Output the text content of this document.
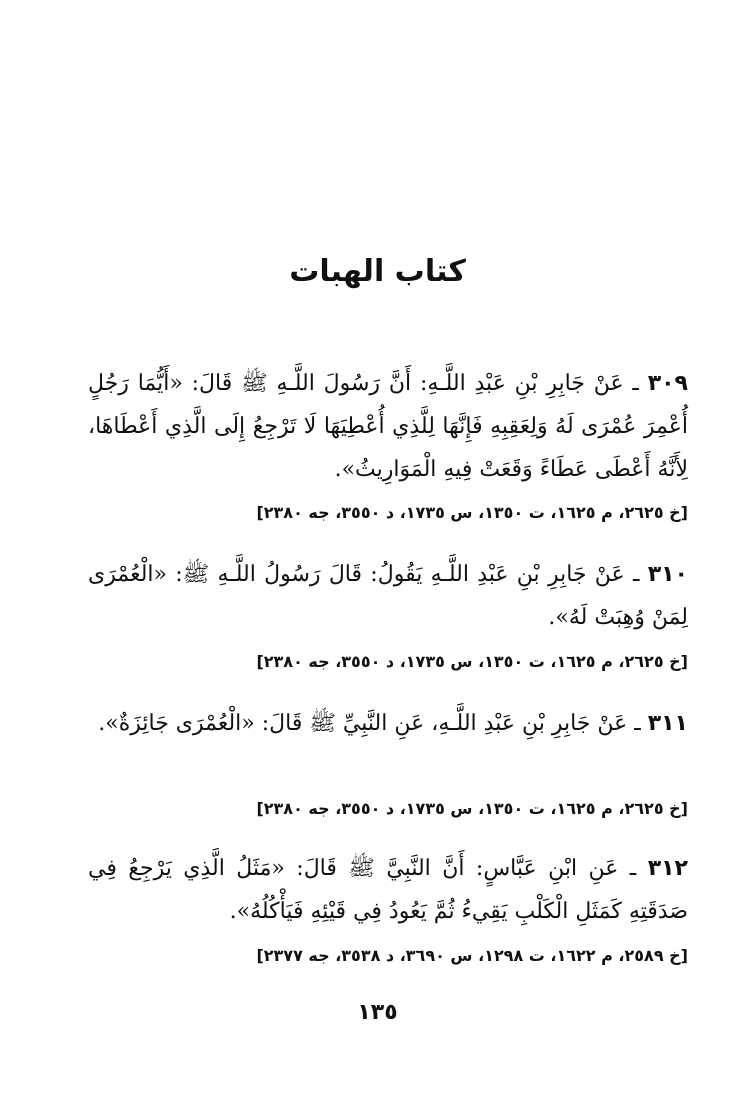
كتاب الهبات
٣٠٩ ـ عَنْ جَابِرِ بْنِ عَبْدِ اللَّـهِ: أَنَّ رَسُولَ اللَّـهِ ﷺ قَالَ: «أَيُّمَا رَجُلٍ أُعْمِرَ عُمْرَى لَهُ وَلِعَقِبِهِ فَإِنَّهَا لِلَّذِي أُعْطِيَهَا لَا تَرْجِعُ إِلَى الَّذِي أَعْطَاهَا، لِأَنَّهُ أَعْطَى عَطَاءً وَقَعَتْ فِيهِ الْمَوَارِيثُ».
[خ ٢٦٢٥، م ١٦٢٥، ت ١٣٥٠، س ١٧٣٥، د ٣٥٥٠، جه ٢٣٨٠]
٣١٠ ـ عَنْ جَابِرِ بْنِ عَبْدِ اللَّـهِ يَقُولُ: قَالَ رَسُولُ اللَّـهِ ﷺ: «الْعُمْرَى لِمَنْ وُهِبَتْ لَهُ».
[خ ٢٦٢٥، م ١٦٢٥، ت ١٣٥٠، س ١٧٣٥، د ٣٥٥٠، جه ٢٣٨٠]
٣١١ ـ عَنْ جَابِرِ بْنِ عَبْدِ اللَّـهِ، عَنِ النَّبِيِّ ﷺ قَالَ: «الْعُمْرَى جَائِزَةٌ».
[خ ٢٦٢٥، م ١٦٢٥، ت ١٣٥٠، س ١٧٣٥، د ٣٥٥٠، جه ٢٣٨٠]
٣١٢ ـ عَنِ ابْنِ عَبَّاسٍ: أَنَّ النَّبِيَّ ﷺ قَالَ: «مَثَلُ الَّذِي يَرْجِعُ فِي صَدَقَتِهِ كَمَثَلِ الْكَلْبِ يَقِيءُ ثُمَّ يَعُودُ فِي قَيْئِهِ فَيَأْكُلُهُ».
[خ ٢٥٨٩، م ١٦٢٢، ت ١٢٩٨، س ٣٦٩٠، د ٣٥٣٨، جه ٢٣٧٧]
١٣٥
